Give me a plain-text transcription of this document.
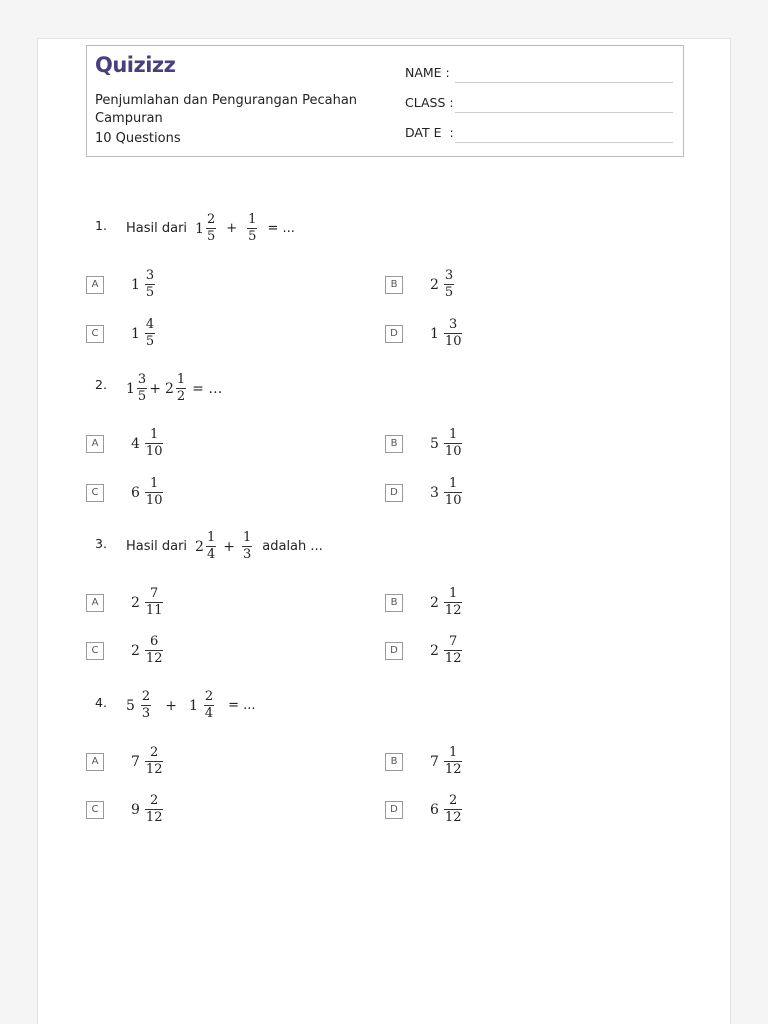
Quizizz
Penjumlahan dan Pengurangan Pecahan Campuran
10 Questions
NAME :
CLASS :
DAT E  :
1. Hasil dari $1 \frac{2}{5} + \frac{1}{5}$ = ...
A	$1 \frac{3}{5}$	B	$2 \frac{3}{5}$
C	$1 \frac{4}{5}$	D	$1 \frac{3}{10}$
2. $1 \frac{3}{5} + 2 \frac{1}{2}$ = …
A	$4 \frac{1}{10}$	B	$5 \frac{1}{10}$
C	$6 \frac{1}{10}$	D	$3 \frac{1}{10}$
3. Hasil dari $2 \frac{1}{4} + \frac{1}{3}$ adalah ...
A	$2 \frac{7}{11}$	B	$2 \frac{1}{12}$
C	$2 \frac{6}{12}$	D	$2 \frac{7}{12}$
4. $5 \frac{2}{3} + 1 \frac{2}{4}$ = ...
A	$7 \frac{2}{12}$	B	$7 \frac{1}{12}$
C	$9 \frac{2}{12}$	D	$6 \frac{2}{12}$
